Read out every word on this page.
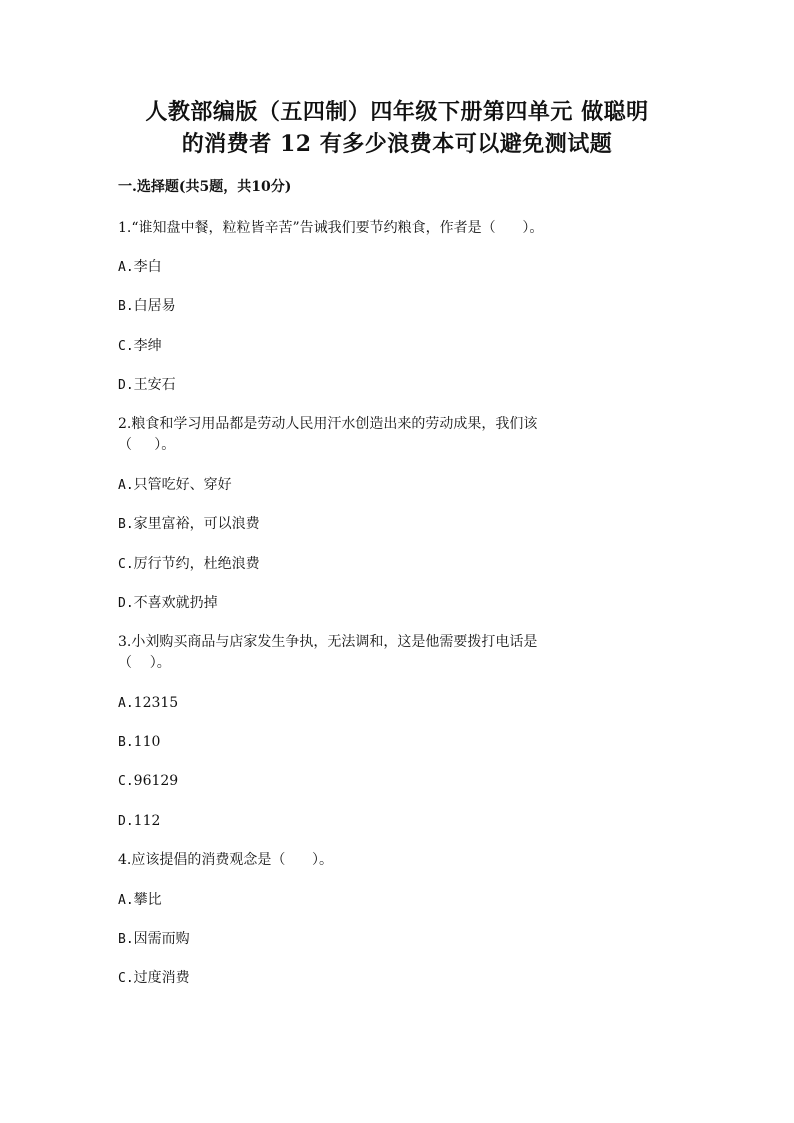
人教部编版（五四制）四年级下册第四单元 做聪明
的消费者 12 有多少浪费本可以避免测试题
一.选择题(共5题，共10分)
1.“谁知盘中餐，粒粒皆辛苦”告诫我们要节约粮食，作者是（      ）。
A.李白
B.白居易
C.李绅
D.王安石
2.粮食和学习用品都是劳动人民用汗水创造出来的劳动成果，我们该
（     ）。
A.只管吃好、穿好
B.家里富裕，可以浪费
C.厉行节约，杜绝浪费
D.不喜欢就扔掉
3.小刘购买商品与店家发生争执，无法调和，这是他需要拨打电话是
（    ）。
A.12315
B.110
C.96129
D.112
4.应该提倡的消费观念是（      ）。
A.攀比
B.因需而购
C.过度消费
